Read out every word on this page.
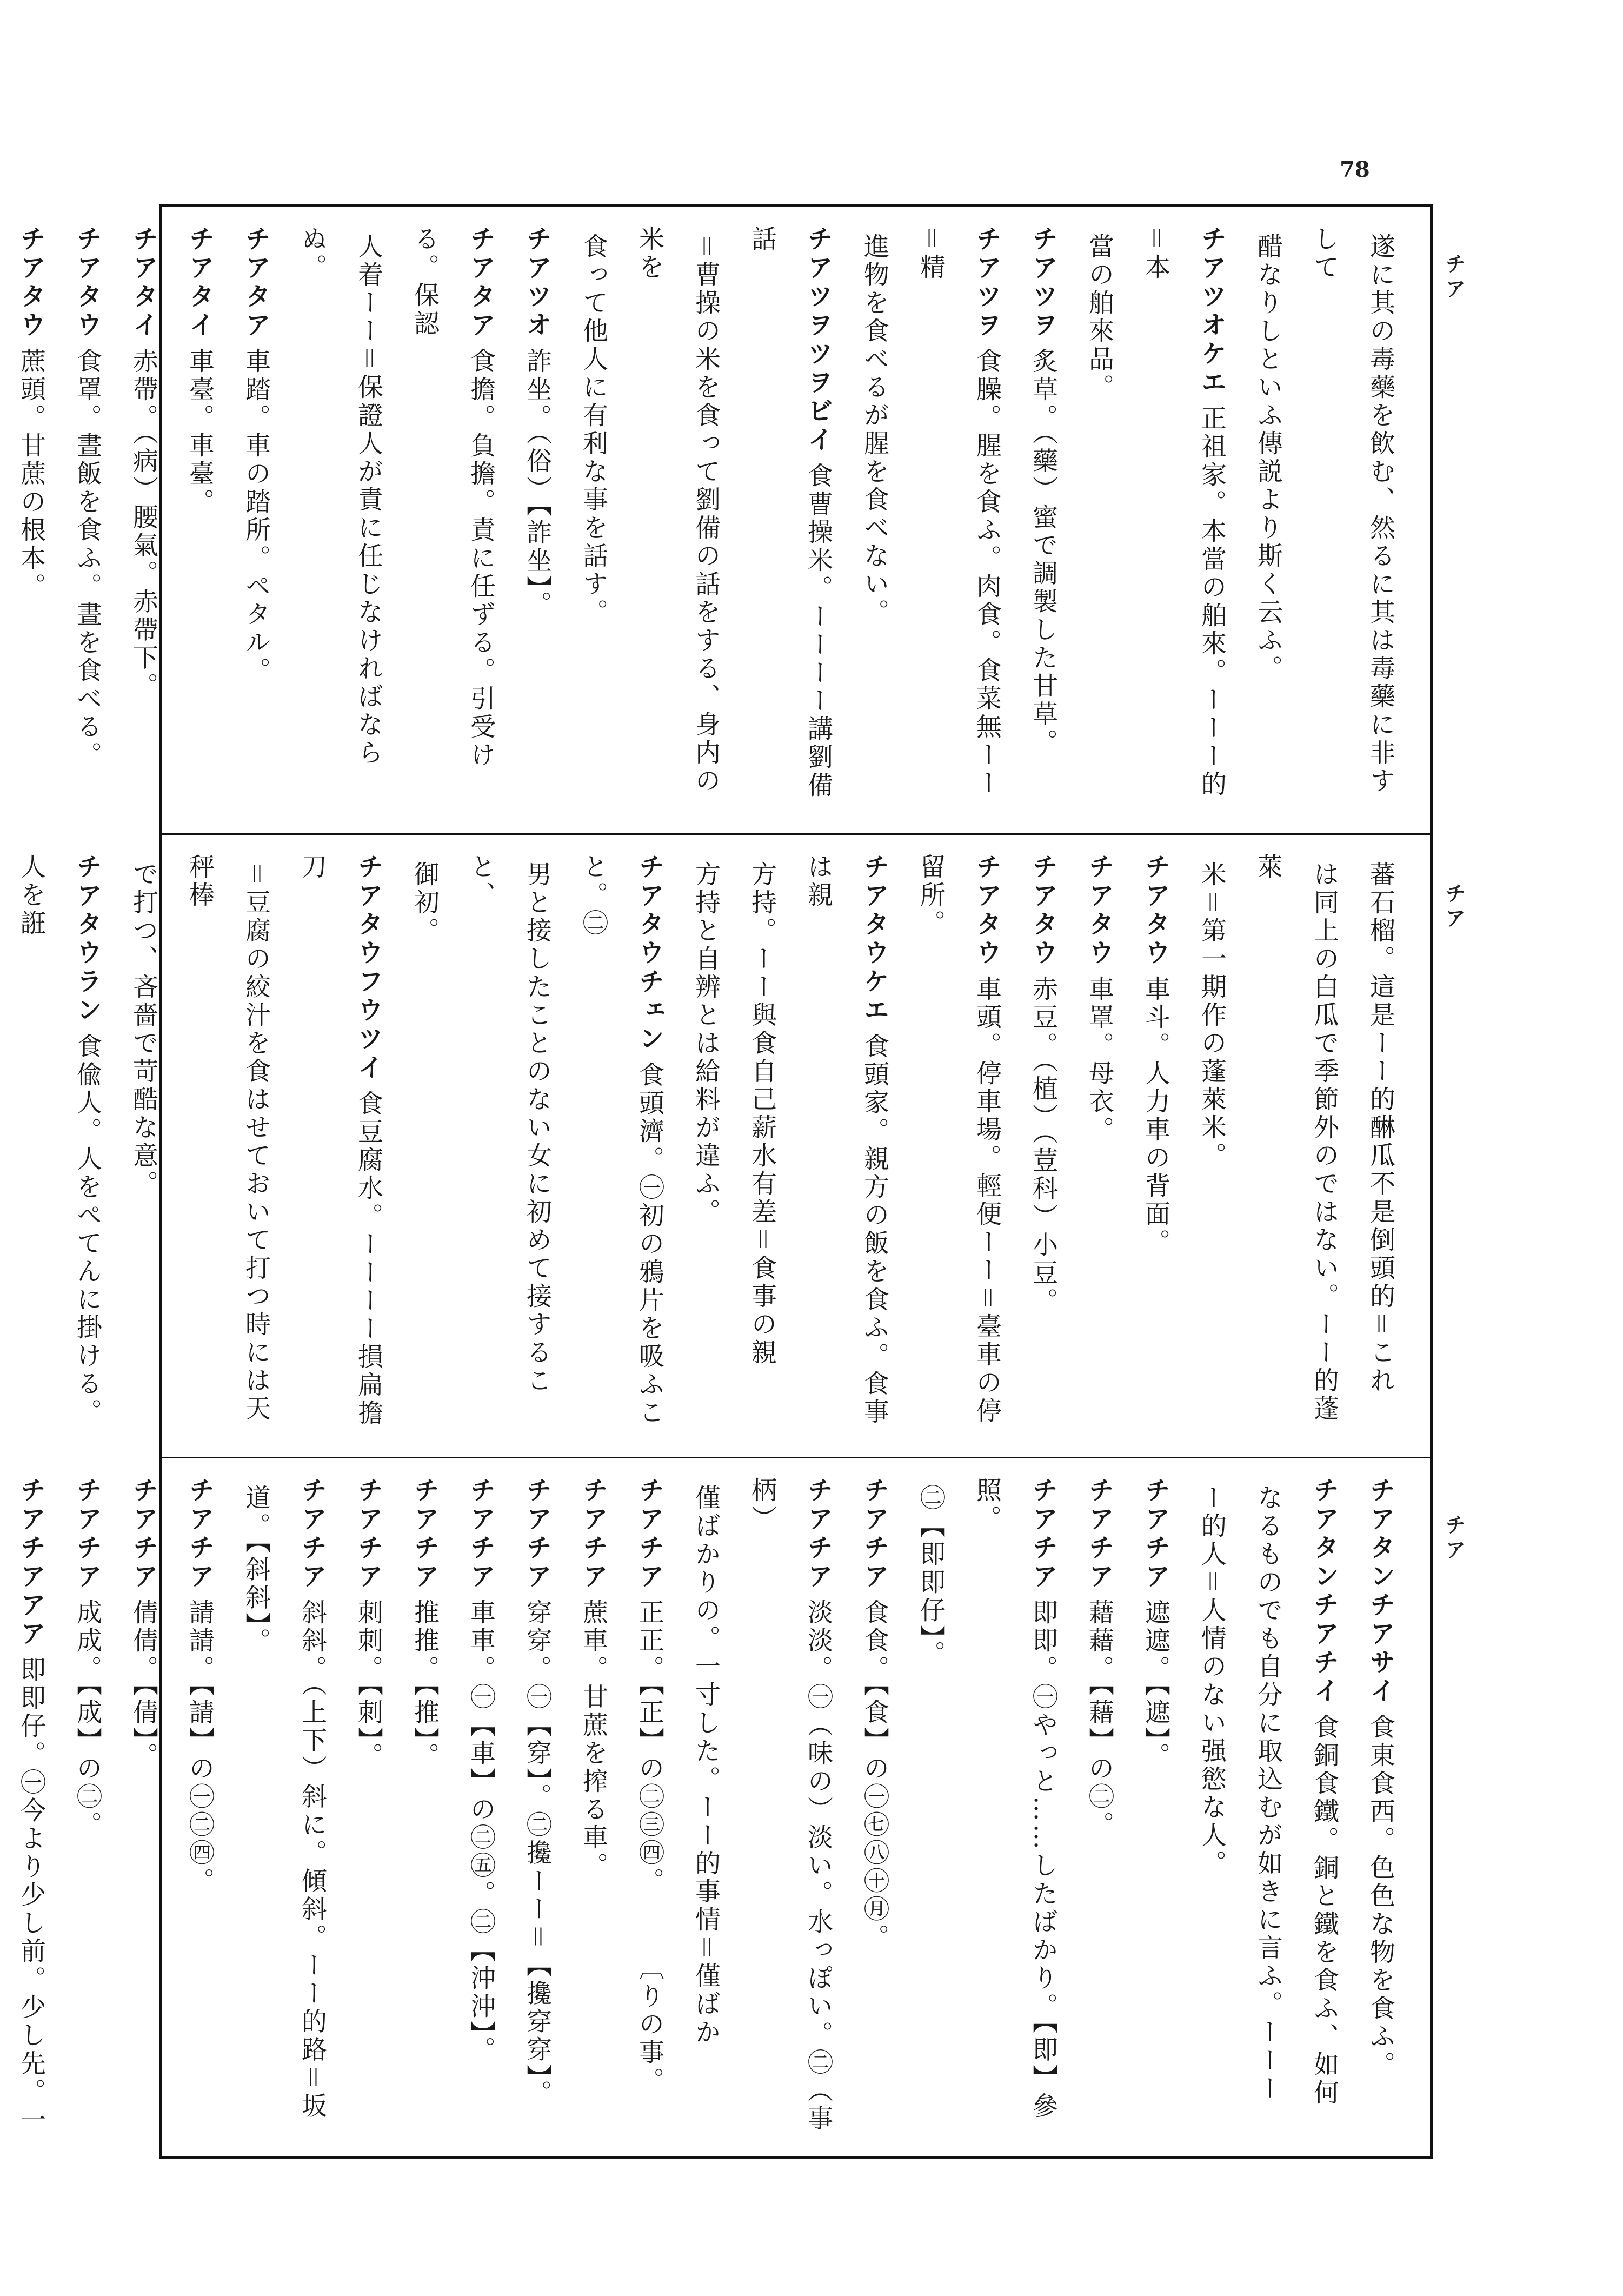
78
チア
チア
チア

遂に其の毒藥を飲む、然るに其は毒藥に非すして

醋なりしといふ傳説より斯く云ふ。

チアツオケエ正祖家。本當の舶來。ーーー的＝本

當の舶來品。

チアツヲ炙草。（藥）蜜で調製した甘草。

チアツヲ食臊。腥を食ふ。肉食。食菜無ーー＝精

進物を食べるが腥を食べない。

チアツヲツヲビイ食曹操米。ーーーー講劉備話

＝曹操の米を食って劉備の話をする、身内の米を

食って他人に有利な事を話す。

チアツオ詐坐。（俗）【詐坐】。

チアタア食擔。負擔。責に任ずる。引受ける。保認

人着ーー＝保證人が責に任じなければならぬ。

チアタア車踏。車の踏所。ペタル。

チアタイ車臺。車臺。

チアタイ赤帶。（病）腰氣。赤帶下。

チアタウ食罩。晝飯を食ふ。晝を食べる。

チアタウ蔗頭。甘蔗の根本。

蕃石榴。這是ーー的醂瓜不是倒頭的＝これ

は同上の白瓜で季節外のではない。ーー的蓬萊

米＝第一期作の蓬萊米。

チアタウ車斗。人力車の背面。

チアタウ車罩。母衣。

チアタウ赤豆。（植）（荳科）小豆。

チアタウ車頭。停車場。輕便ーー＝臺車の停留所。

チアタウケエ食頭家。親方の飯を食ふ。食事は親

方持。ーー與食自己薪水有差＝食事の親

方持と自辨とは給料が違ふ。

チアタウチェン食頭濟。㊀初の鴉片を吸ふこと。㊁

男と接したことのない女に初めて接すること、

御初。

チアタウフウツイ食豆腐水。ーーーー損扁擔刀

＝豆腐の絞汁を食はせておいて打つ時には天秤棒

で打つ、吝嗇で苛酷な意。

チアタウラン食偸人。人をぺてんに掛ける。人を誑

チアタンチアサイ食東食西。色色な物を食ふ。

チアタンチアチイ食銅食鐵。銅と鐵を食ふ、如何

なるものでも自分に取込むが如きに言ふ。ーーー

ー的人＝人情のない强慾な人。

チアチア遮遮。【遮】。

チアチア藉藉。【藉】の㊁。

チアチア即即。㊀やっと……したばかり。【即】參照。

㊁【即即仔】。

チアチア食食。【食】の㊀㊆㊇㊉㊊。

チアチア淡淡。㊀（味の）淡い。水っぽい。㊁（事柄）

僅ばかりの。一寸した。ーー的事情＝僅ばか

チアチア正正。【正】の㊁㊂㊃。　　　〔りの事。

チアチア蔗車。甘蔗を搾る車。

チアチア穿穿。㊀【穿】。㊁攙ーー＝【攙穿穿】。

チアチア車車。㊀【車】の㊁㊄。㊁【沖沖】。

チアチア推推。【推】。

チアチア刺刺。【刺】。

チアチア斜斜。（上下）斜に。傾斜。ーー的路＝坂

道。【斜斜】。

チアチア請請。【請】の㊀㊁㊃。

チアチア倩倩。【倩】。

チアチア成成。【成】の㊁。

チアチアアア即即仔。㊀今より少し前。少し先。一
